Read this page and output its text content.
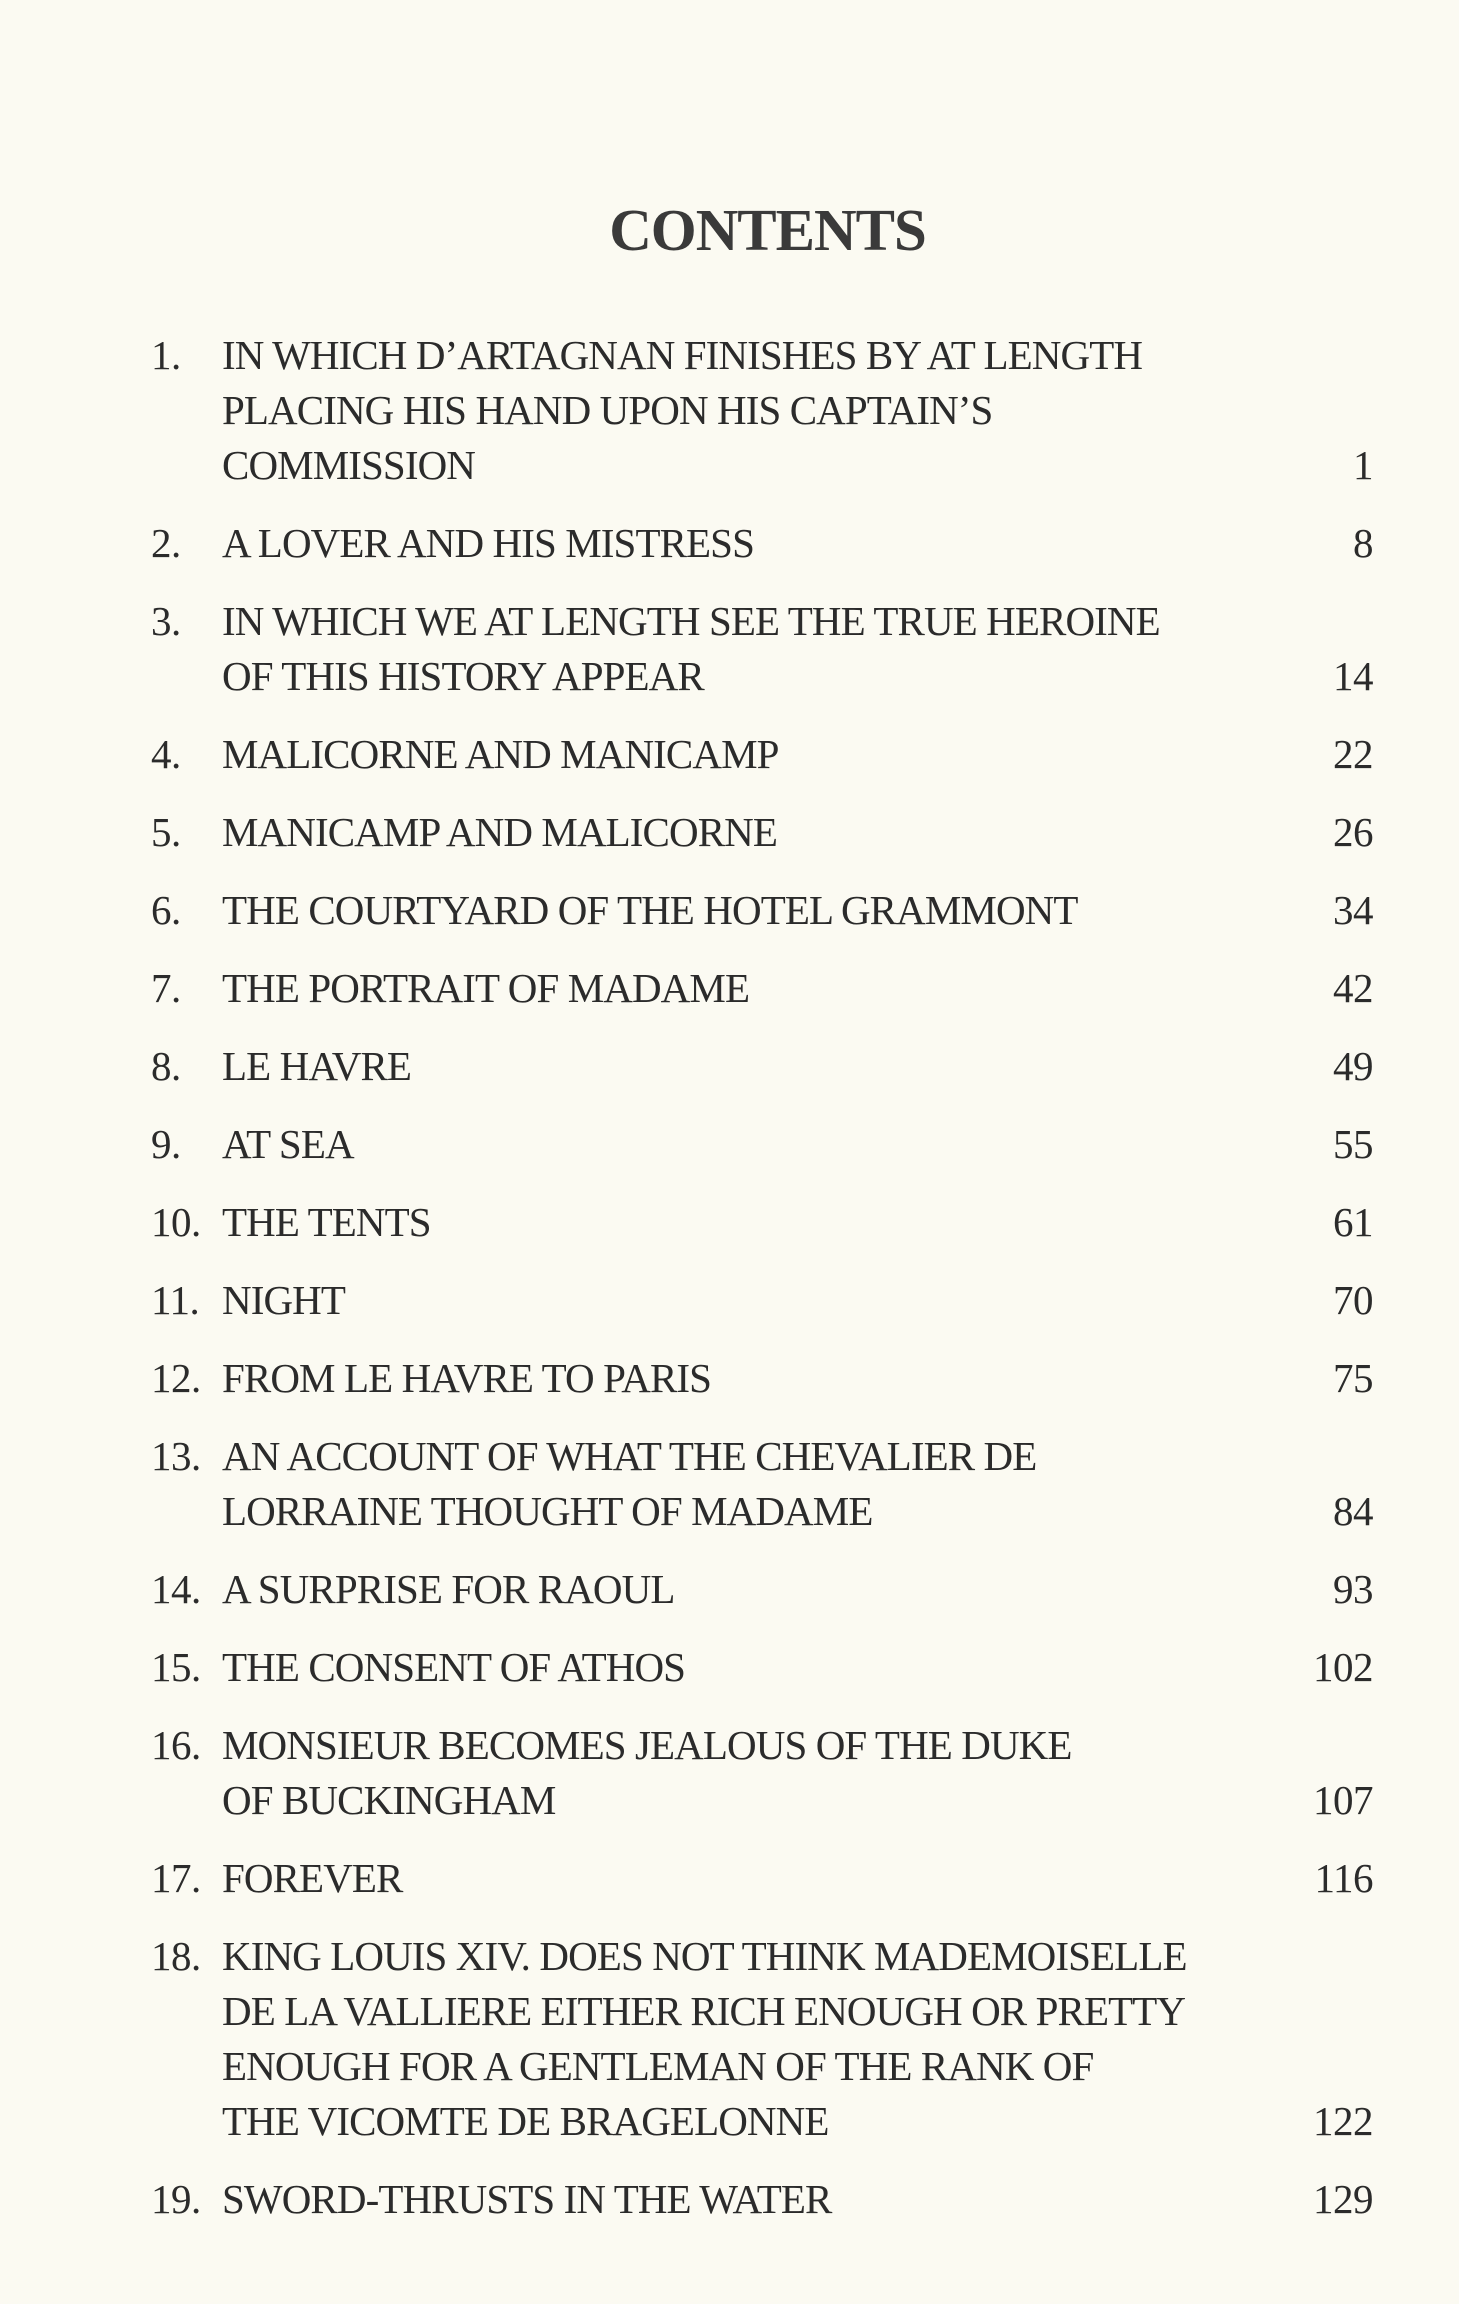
CONTENTS
1.	IN WHICH D’ARTAGNAN FINISHES BY AT LENGTH
PLACING HIS HAND UPON HIS CAPTAIN’S
COMMISSION	1
2.	A LOVER AND HIS MISTRESS	8
3.	IN WHICH WE AT LENGTH SEE THE TRUE HEROINE
OF THIS HISTORY APPEAR	14
4.	MALICORNE AND MANICAMP	22
5.	MANICAMP AND MALICORNE	26
6.	THE COURTYARD OF THE HOTEL GRAMMONT	34
7.	THE PORTRAIT OF MADAME	42
8.	LE HAVRE	49
9.	AT SEA	55
10. THE TENTS	61
11. NIGHT	70
12. FROM LE HAVRE TO PARIS	75
13. AN ACCOUNT OF WHAT THE CHEVALIER DE
LORRAINE THOUGHT OF MADAME	84
14. A SURPRISE FOR RAOUL	93
15. THE CONSENT OF ATHOS	102
16. MONSIEUR BECOMES JEALOUS OF THE DUKE
OF BUCKINGHAM	107
17. FOREVER	116
18. KING LOUIS XIV. DOES NOT THINK MADEMOISELLE
DE LA VALLIERE EITHER RICH ENOUGH OR PRETTY
ENOUGH FOR A GENTLEMAN OF THE RANK OF
THE VICOMTE DE BRAGELONNE	122
19. SWORD-THRUSTS IN THE WATER	129
